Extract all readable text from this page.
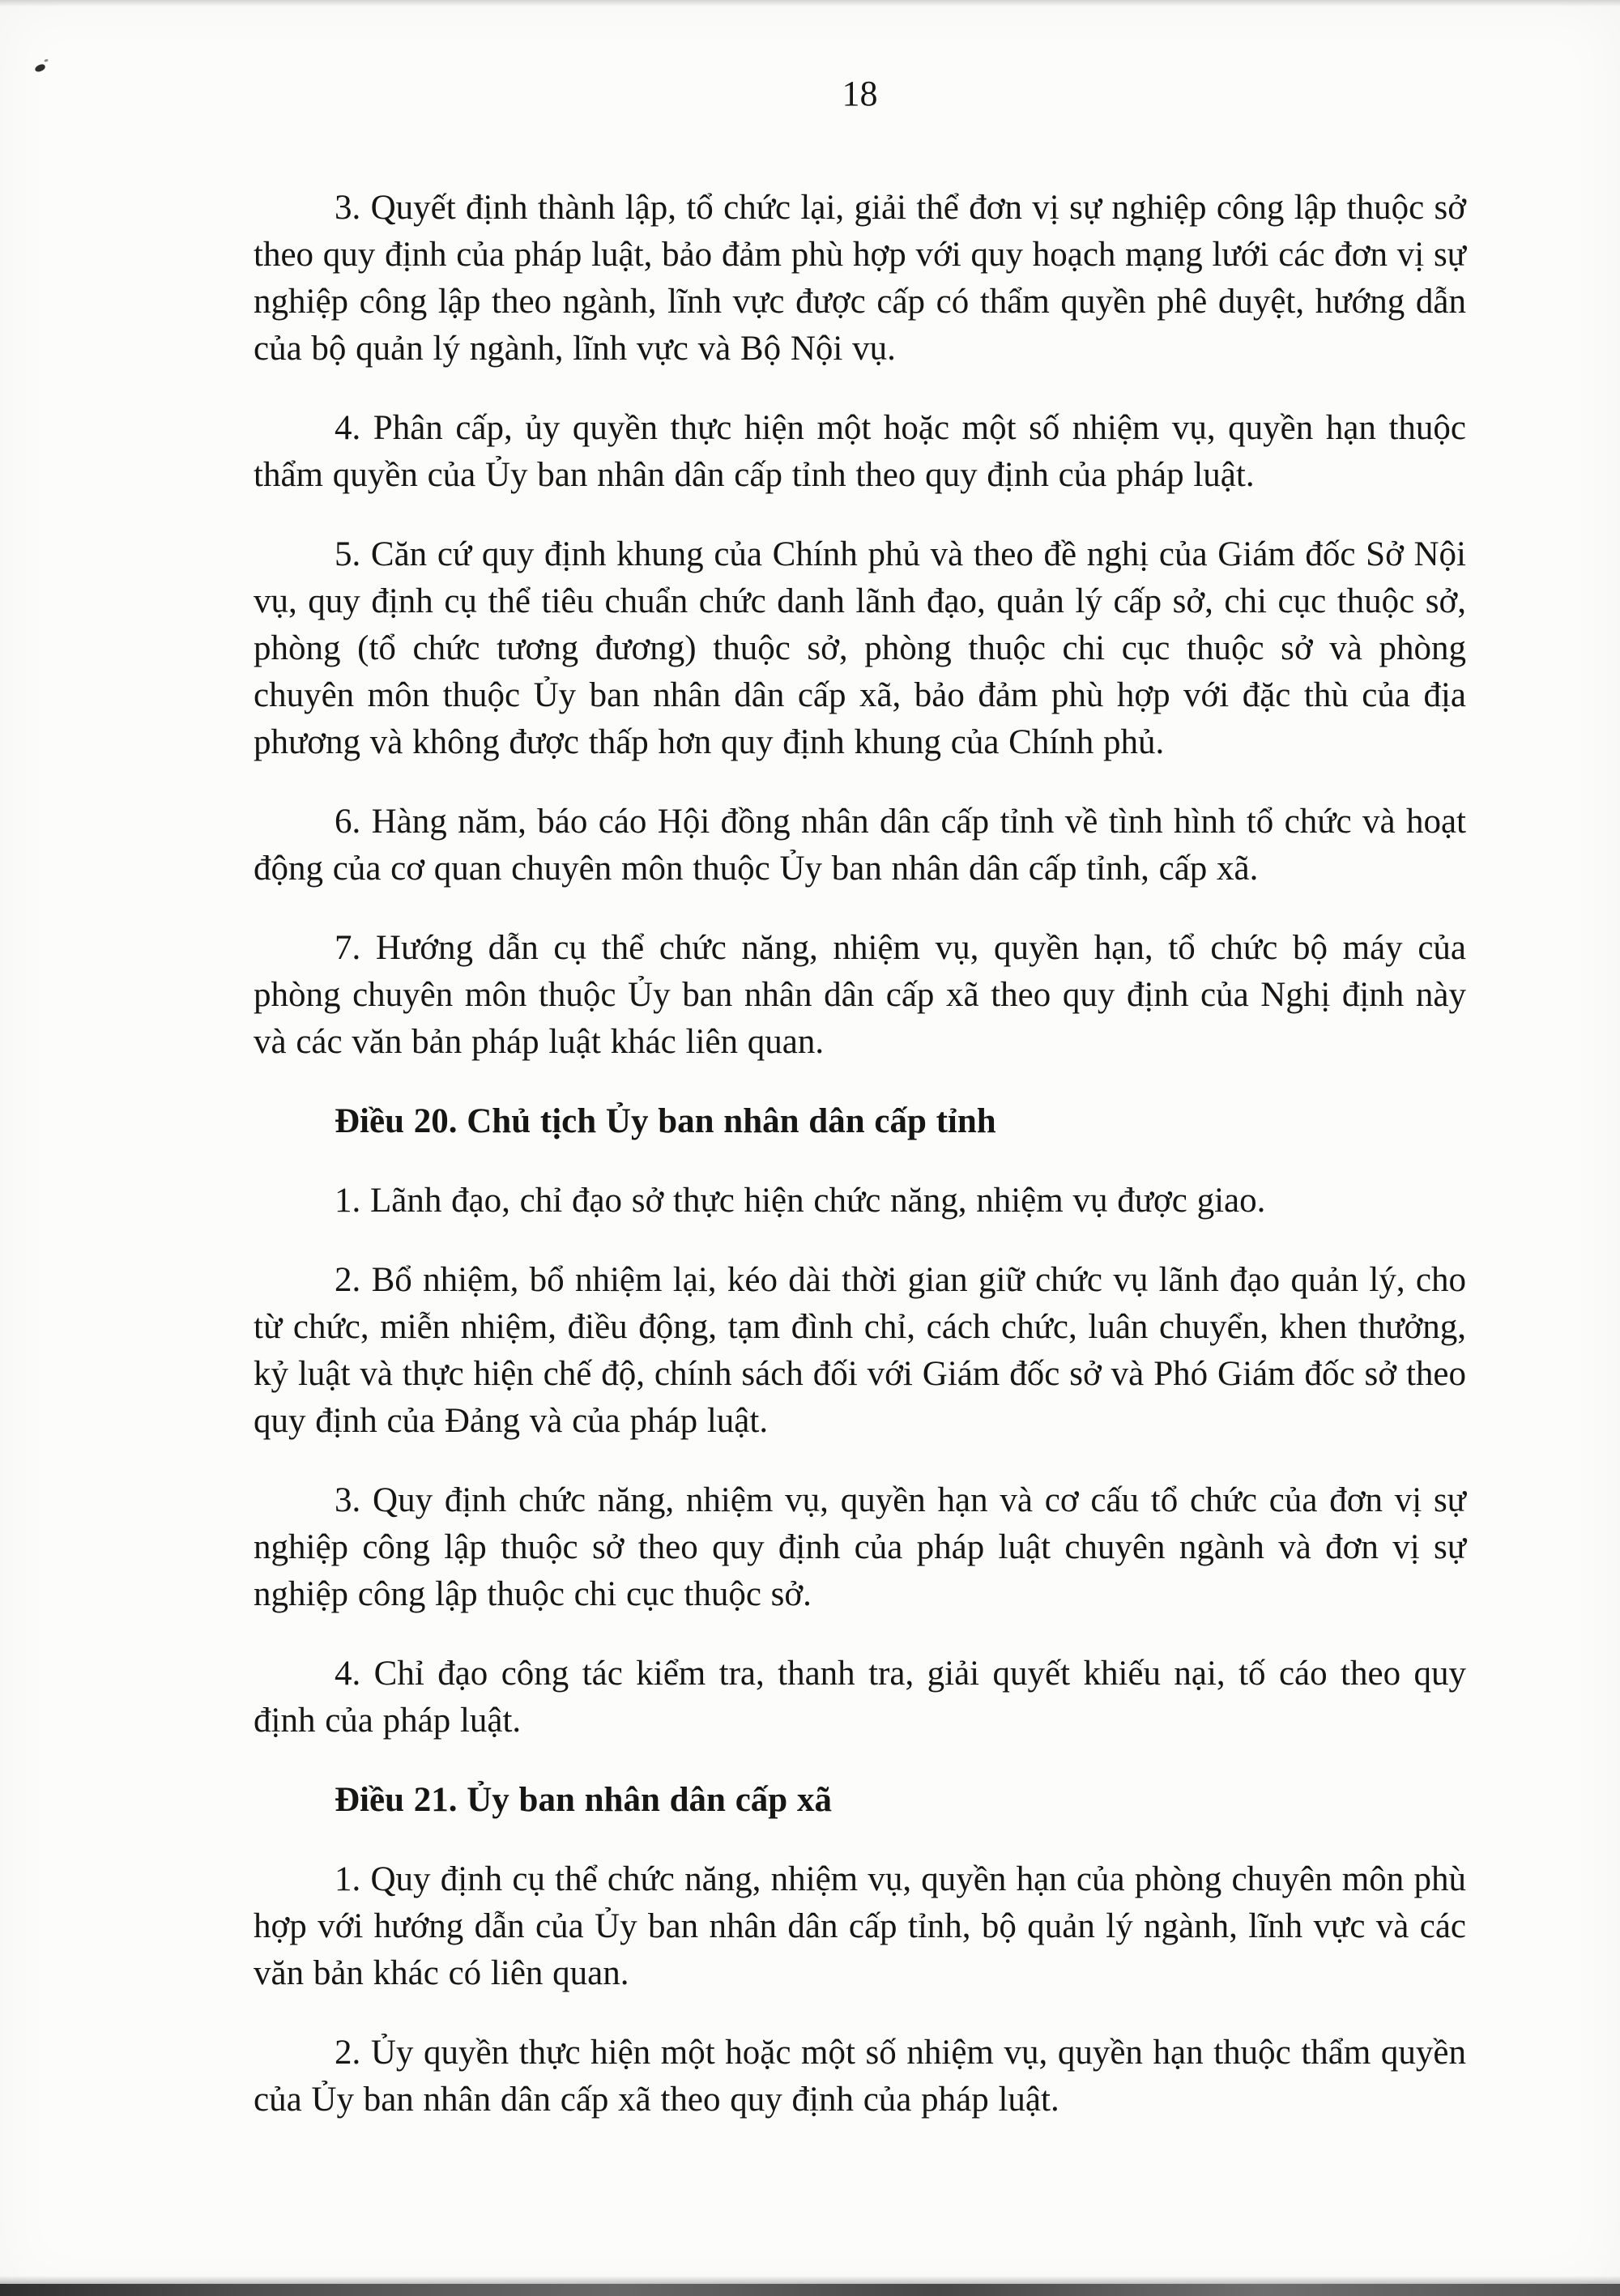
18

3. Quyết định thành lập, tổ chức lại, giải thể đơn vị sự nghiệp công lập thuộc sở theo quy định của pháp luật, bảo đảm phù hợp với quy hoạch mạng lưới các đơn vị sự nghiệp công lập theo ngành, lĩnh vực được cấp có thẩm quyền phê duyệt, hướng dẫn của bộ quản lý ngành, lĩnh vực và Bộ Nội vụ.

4. Phân cấp, ủy quyền thực hiện một hoặc một số nhiệm vụ, quyền hạn thuộc thẩm quyền của Ủy ban nhân dân cấp tỉnh theo quy định của pháp luật.

5. Căn cứ quy định khung của Chính phủ và theo đề nghị của Giám đốc Sở Nội vụ, quy định cụ thể tiêu chuẩn chức danh lãnh đạo, quản lý cấp sở, chi cục thuộc sở, phòng (tổ chức tương đương) thuộc sở, phòng thuộc chi cục thuộc sở và phòng chuyên môn thuộc Ủy ban nhân dân cấp xã, bảo đảm phù hợp với đặc thù của địa phương và không được thấp hơn quy định khung của Chính phủ.

6. Hàng năm, báo cáo Hội đồng nhân dân cấp tỉnh về tình hình tổ chức và hoạt động của cơ quan chuyên môn thuộc Ủy ban nhân dân cấp tỉnh, cấp xã.

7. Hướng dẫn cụ thể chức năng, nhiệm vụ, quyền hạn, tổ chức bộ máy của phòng chuyên môn thuộc Ủy ban nhân dân cấp xã theo quy định của Nghị định này và các văn bản pháp luật khác liên quan.

Điều 20. Chủ tịch Ủy ban nhân dân cấp tỉnh

1. Lãnh đạo, chỉ đạo sở thực hiện chức năng, nhiệm vụ được giao.

2. Bổ nhiệm, bổ nhiệm lại, kéo dài thời gian giữ chức vụ lãnh đạo quản lý, cho từ chức, miễn nhiệm, điều động, tạm đình chỉ, cách chức, luân chuyển, khen thưởng, kỷ luật và thực hiện chế độ, chính sách đối với Giám đốc sở và Phó Giám đốc sở theo quy định của Đảng và của pháp luật.

3. Quy định chức năng, nhiệm vụ, quyền hạn và cơ cấu tổ chức của đơn vị sự nghiệp công lập thuộc sở theo quy định của pháp luật chuyên ngành và đơn vị sự nghiệp công lập thuộc chi cục thuộc sở.

4. Chỉ đạo công tác kiểm tra, thanh tra, giải quyết khiếu nại, tố cáo theo quy định của pháp luật.

Điều 21. Ủy ban nhân dân cấp xã

1. Quy định cụ thể chức năng, nhiệm vụ, quyền hạn của phòng chuyên môn phù hợp với hướng dẫn của Ủy ban nhân dân cấp tỉnh, bộ quản lý ngành, lĩnh vực và các văn bản khác có liên quan.

2. Ủy quyền thực hiện một hoặc một số nhiệm vụ, quyền hạn thuộc thẩm quyền của Ủy ban nhân dân cấp xã theo quy định của pháp luật.
